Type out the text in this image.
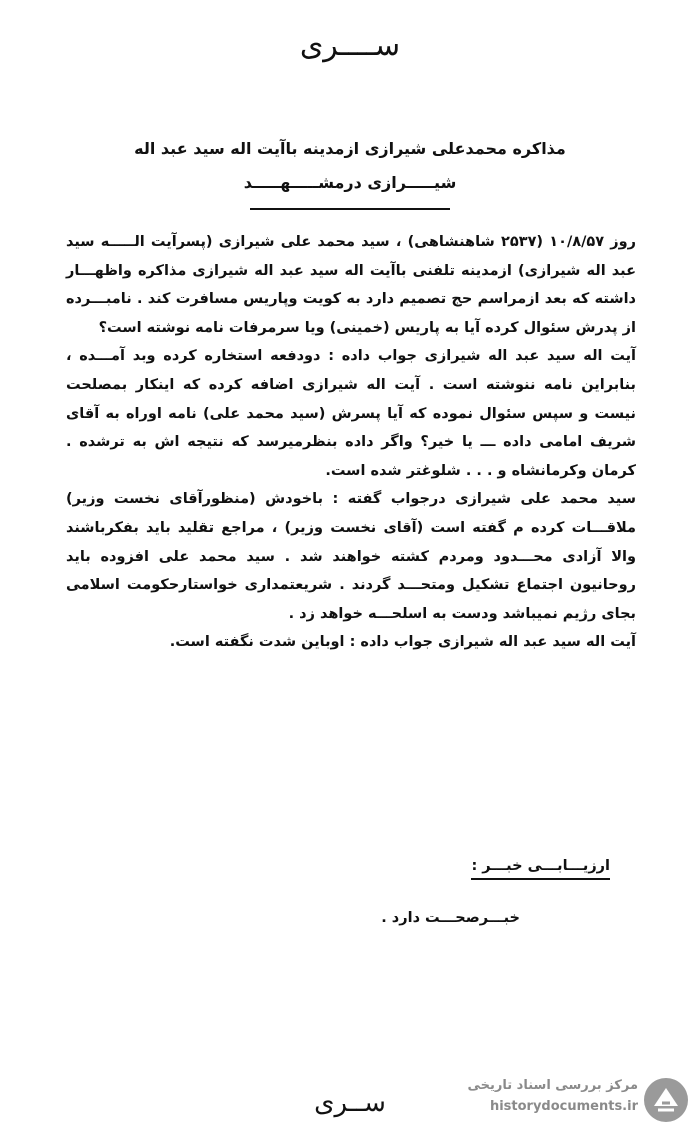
ســــری
مذاکره محمدعلی شیرازی ازمدینه باآیت اله سید عبد اله
شیـــــرازی درمشـــــهـــــد

روز ۱۰/۸/۵۷ (۲۵۳۷ شاهنشاهی) ، سید محمد علی شیرازی (پسرآیت الـــــه سید عبد اله شیرازی) ازمدینه تلفنی باآیت اله سید عبد اله شیرازی مذاکره واظهـــار داشته که بعد ازمراسم حج تصمیم دارد به کویت وپاریس مسافرت کند . نامبـــرده از پدرش سئوال کرده آیا به پاریس (خمینی) ویا سرمرفات نامه نوشته است؟

آیت اله سید عبد اله شیرازی جواب داده : دودفعه استخاره کرده وبد آمـــده ، بنابراین نامه ننوشته است . آیت اله شیرازی اضافه کرده که اینکار بمصلحت نیست و سپس سئوال نموده که آیا پسرش (سید محمد علی) نامه اوراه به آقای شریف امامی داده ـــ یا خیر؟ واگر داده بنظرمیرسد که نتیجه اش به ترشده . کرمان وکرمانشاه و . . . شلوغتر شده است.

سید محمد علی شیرازی درجواب گفته : باخودش (منظورآقای نخست وزیر) ملاقـــات کرده م گفته است (آقای نخست وزیر) ، مراجع تقلید باید بفکرباشند والا آزادی محـــدود ومردم کشته خواهند شد . سید محمد علی افزوده باید روحانیون اجتماع تشکیل ومتحـــد گردند . شریعتمداری خواستارحکومت اسلامی بجای رژیم نمیباشد ودست به اسلحـــه خواهد زد .

آیت اله سید عبد اله شیرازی جواب داده : اوباین شدت نگفته است.

ارزیـــابـــی خبـــر :
خبـــرصحـــت دارد .
ســری
مرکز بررسی اسناد تاریخی
historydocuments.ir
